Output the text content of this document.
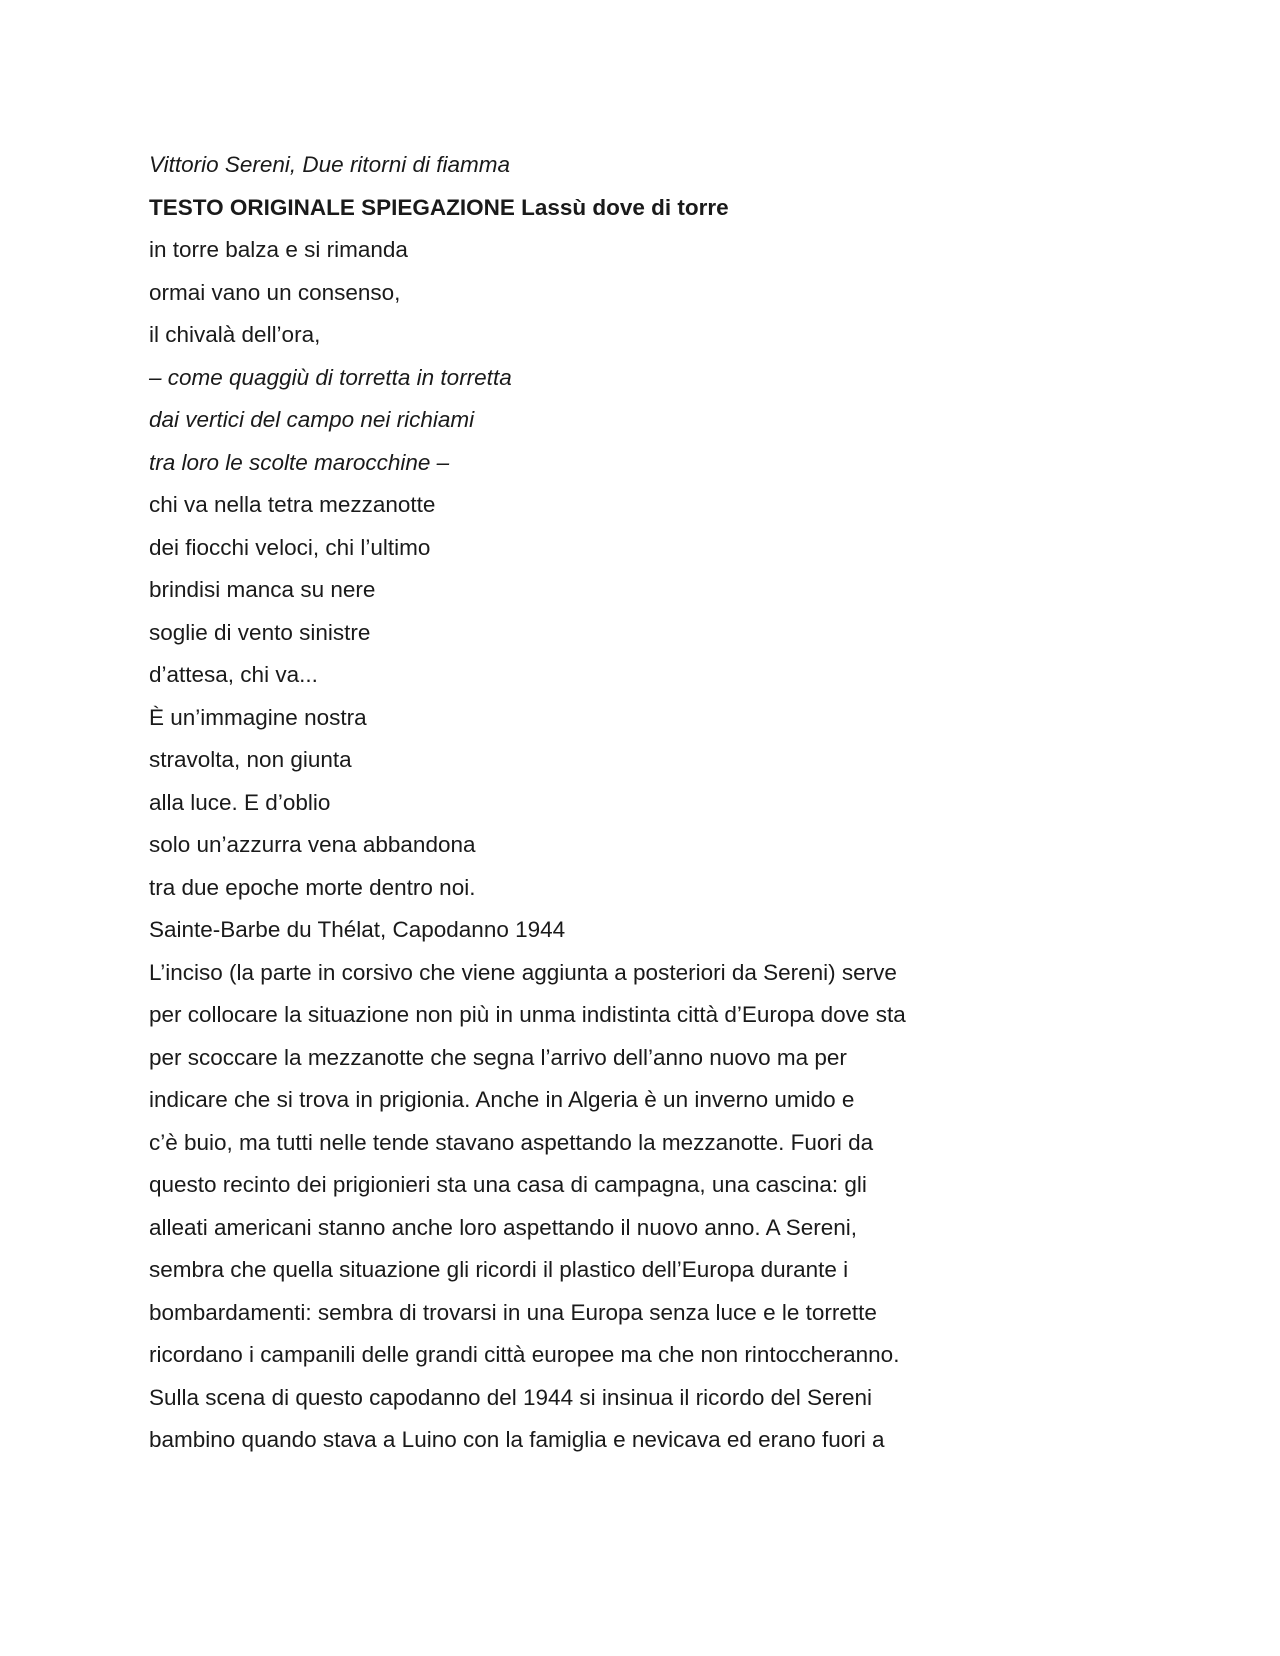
Vittorio Sereni, Due ritorni di fiamma
TESTO ORIGINALE SPIEGAZIONE Lassù dove di torre
in torre balza e si rimanda
ormai vano un consenso,
il chivalà dell’ora,
– come quaggiù di torretta in torretta
dai vertici del campo nei richiami
tra loro le scolte marocchine –
chi va nella tetra mezzanotte
dei fiocchi veloci, chi l’ultimo
brindisi manca su nere
soglie di vento sinistre
d’attesa, chi va...
È un’immagine nostra
stravolta, non giunta
alla luce. E d’oblio
solo un’azzurra vena abbandona
tra due epoche morte dentro noi.
Sainte-Barbe du Thélat, Capodanno 1944
L’inciso (la parte in corsivo che viene aggiunta a posteriori da Sereni) serve
per collocare la situazione non più in unma indistinta città d’Europa dove sta
per scoccare la mezzanotte che segna l’arrivo dell’anno nuovo ma per
indicare che si trova in prigionia. Anche in Algeria è un inverno umido e
c’è buio, ma tutti nelle tende stavano aspettando la mezzanotte. Fuori da
questo recinto dei prigionieri sta una casa di campagna, una cascina: gli
alleati americani stanno anche loro aspettando il nuovo anno. A Sereni,
sembra che quella situazione gli ricordi il plastico dell’Europa durante i
bombardamenti: sembra di trovarsi in una Europa senza luce e le torrette
ricordano i campanili delle grandi città europee ma che non rintoccheranno.
Sulla scena di questo capodanno del 1944 si insinua il ricordo del Sereni
bambino quando stava a Luino con la famiglia e nevicava ed erano fuori a
